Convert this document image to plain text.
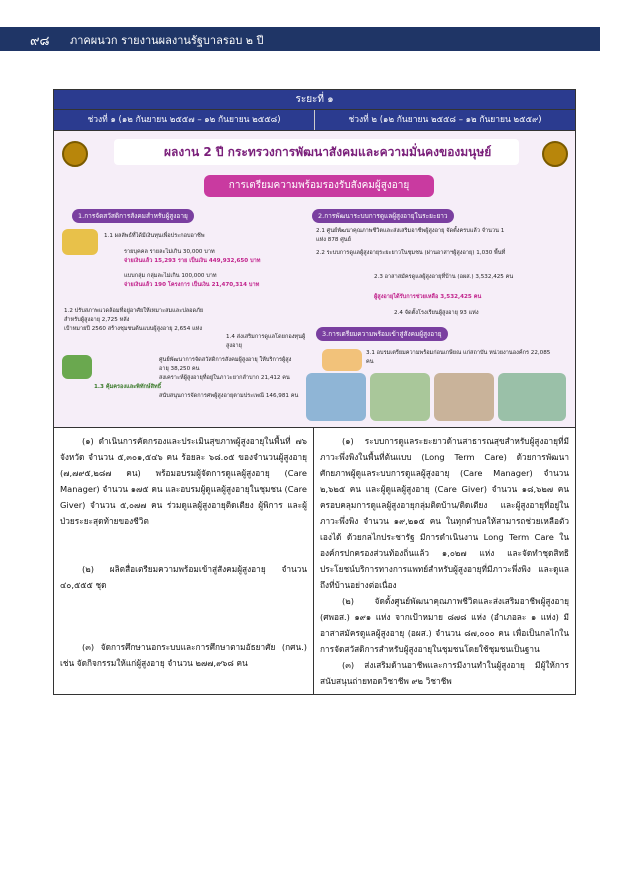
๙๘ ภาคผนวก รายงานผลงานรัฐบาลรอบ ๒ ปี
ระยะที่ ๑
ช่วงที่ ๑ (๑๒ กันยายน ๒๕๕๗ – ๑๒ กันยายน ๒๕๕๘)	ช่วงที่ ๒ (๑๒ กันยายน ๒๕๕๘ – ๑๒ กันยายน ๒๕๕๙)
ผลงาน 2 ปี กระทรวงการพัฒนาสังคมและความมั่นคงของมนุษย์
การเตรียมความพร้อมรองรับสังคมผู้สูงอายุ
1.การจัดสวัสดิการสังคมสำหรับผู้สูงอายุ	2.การพัฒนาระบบการดูแลผู้สูงอายุในระยะยาว
3.การเตรียมความพร้อมเข้าสู่สังคมผู้สูงอายุ
1.1 ผลลัพธ์ที่ได้มีเงินทุนเพื่อประกอบอาชีพ
รายบุคคล รายละไม่เกิน 30,000 บาท
จ่ายเงินแล้ว 15,293 ราย เป็นเงิน 449,932,650 บาท
แบบกลุ่ม กลุ่มละไม่เกิน 100,000 บาท
จ่ายเงินแล้ว 190 โครงการ เป็นเงิน 21,470,314 บาท
1.2 ปรับสภาพแวดล้อมที่อยู่อาศัยให้เหมาะสมและปลอดภัยสำหรับผู้สูงอายุ 2,725 หลัง
เป้าหมายปี 2560 สร้างชุมชนต้นแบบผู้สูงอายุ 2,654 แห่ง
1.4 ส่งเสริมการดูแลโดยกองทุนผู้สูงอายุ
1.3 คุ้มครองและพิทักษ์สิทธิ์
ศูนย์พัฒนาการจัดสวัสดิการสังคมผู้สูงอายุ ให้บริการผู้สูงอายุ 38,250 คน
สงเคราะห์ผู้สูงอายุที่อยู่ในภาวะยากลำบาก 21,412 คน
สนับสนุนการจัดการศพผู้สูงอายุตามประเพณี 146,981 คน
2.1 ศูนย์พัฒนาคุณภาพชีวิตและส่งเสริมอาชีพผู้สูงอายุ จัดตั้งครบแล้ว จำนวน 1 แห่ง 878 ศูนย์
2.2 ระบบการดูแลผู้สูงอายุระยะยาวในชุมชน (ผ่านอาสาฯผู้สูงอายุ) 1,030 พื้นที่
2.3 อาสาสมัครดูแลผู้สูงอายุที่บ้าน (อผส.) 3,532,425 คน
ผู้สูงอายุได้รับการช่วยเหลือ 3,532,425 คน
2.4 จัดตั้งโรงเรียนผู้สูงอายุ 93 แห่ง
3.1 อบรมเตรียมความพร้อมก่อนเกษียณ แก่สถาบัน หน่วยงานองค์กร 22,085 คน

(๑) ดำเนินการคัดกรองและประเมินสุขภาพผู้สูงอายุในพื้นที่ ๗๖ จังหวัด จำนวน ๕,๓๐๑,๕๔๖ คน ร้อยละ ๖๘.๐๕ ของจำนวนผู้สูงอายุ (๗,๗๙๕,๒๘๗ คน) พร้อมอบรมผู้จัดการดูแลผู้สูงอายุ (Care Manager) จำนวน ๑๗๕ คน และอบรมผู้ดูแลผู้สูงอายุในชุมชน (Care Giver) จำนวน ๕,๐๗๗ คน ร่วมดูแลผู้สูงอายุติดเตียง ผู้พิการ และผู้ป่วยระยะสุดท้ายของชีวิต

(๒) ผลิตสื่อเตรียมความพร้อมเข้าสู่สังคมผู้สูงอายุ จำนวน ๔๐,๕๕๕ ชุด

(๓) จัดการศึกษานอกระบบและการศึกษาตามอัธยาศัย (กศน.) เช่น จัดกิจกรรมให้แก่ผู้สูงอายุ จำนวน ๒๗๗,๙๖๘ คน

(๑) ระบบการดูแลระยะยาวด้านสาธารณสุขสำหรับผู้สูงอายุที่มีภาวะพึ่งพิงในพื้นที่ต้นแบบ (Long Term Care) ด้วยการพัฒนาศักยภาพผู้ดูแลระบบการดูแลผู้สูงอายุ (Care Manager) จำนวน ๒,๖๒๕ คน และผู้ดูแลผู้สูงอายุ (Care Giver) จำนวน ๑๘,๖๒๗ คน ครอบคลุมการดูแลผู้สูงอายุกลุ่มติดบ้าน/ติดเตียง และผู้สูงอายุที่อยู่ในภาวะพึ่งพิง จำนวน ๑๙,๒๑๕ คน ในทุกตำบลให้สามารถช่วยเหลือตัวเองได้ ด้วยกลไกประชารัฐ มีการดำเนินงาน Long Term Care ในองค์กรปกครองส่วนท้องถิ่นแล้ว ๑,๐๒๗ แห่ง และจัดทำชุดสิทธิประโยชน์บริการทางการแพทย์สำหรับผู้สูงอายุที่มีภาวะพึ่งพิง และดูแลถึงที่บ้านอย่างต่อเนื่อง

(๒) จัดตั้งศูนย์พัฒนาคุณภาพชีวิตและส่งเสริมอาชีพผู้สูงอายุ (ศพอส.) ๑๙๑ แห่ง จากเป้าหมาย ๘๗๘ แห่ง (อำเภอละ ๑ แห่ง) มีอาสาสมัครดูแลผู้สูงอายุ (อผส.) จำนวน ๘๗,๐๐๐ คน เพื่อเป็นกลไกในการจัดสวัสดิการสำหรับผู้สูงอายุในชุมชนโดยใช้ชุมชนเป็นฐาน

(๓) ส่งเสริมด้านอาชีพและการมีงานทำในผู้สูงอายุ มีผู้ให้การสนับสนุนถ่ายทอดวิชาชีพ ๙๒ วิชาชีพ
